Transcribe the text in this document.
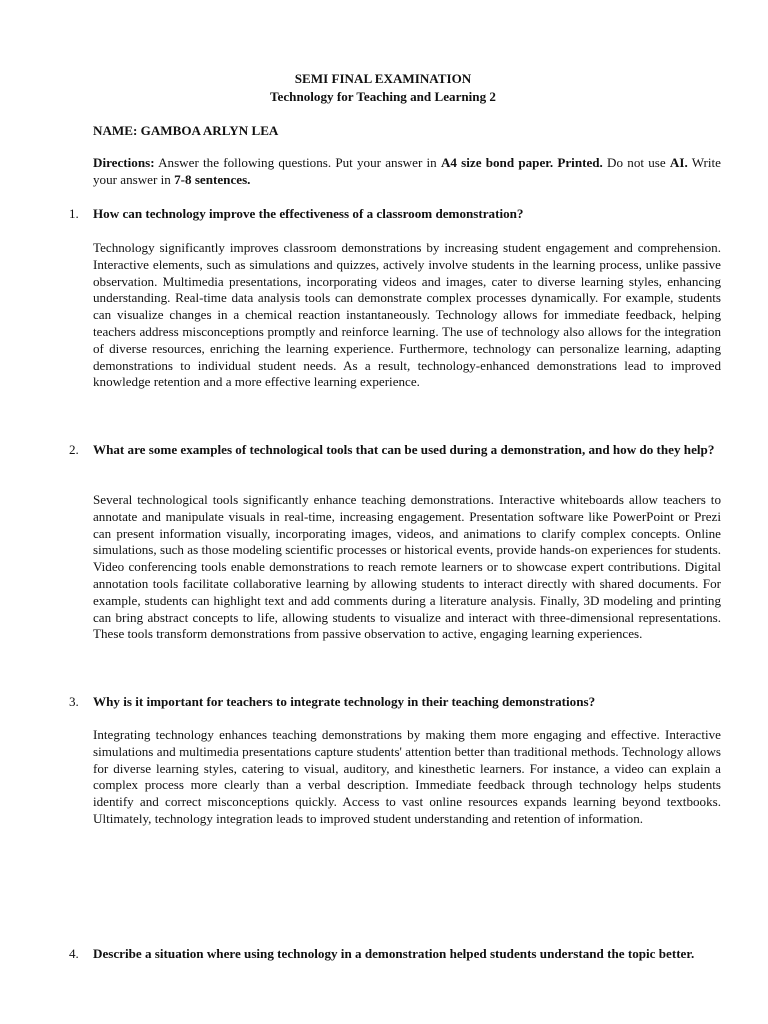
SEMI FINAL EXAMINATION
Technology for Teaching and Learning 2
NAME: GAMBOA ARLYN LEA
Directions: Answer the following questions. Put your answer in A4 size bond paper. Printed. Do not use AI. Write your answer in 7-8 sentences.
1.	How can technology improve the effectiveness of a classroom demonstration?
Technology significantly improves classroom demonstrations by increasing student engagement and comprehension. Interactive elements, such as simulations and quizzes, actively involve students in the learning process, unlike passive observation. Multimedia presentations, incorporating videos and images, cater to diverse learning styles, enhancing understanding. Real-time data analysis tools can demonstrate complex processes dynamically. For example, students can visualize changes in a chemical reaction instantaneously. Technology allows for immediate feedback, helping teachers address misconceptions promptly and reinforce learning. The use of technology also allows for the integration of diverse resources, enriching the learning experience. Furthermore, technology can personalize learning, adapting demonstrations to individual student needs. As a result, technology-enhanced demonstrations lead to improved knowledge retention and a more effective learning experience.
2.	What are some examples of technological tools that can be used during a demonstration, and how do they help?
Several technological tools significantly enhance teaching demonstrations. Interactive whiteboards allow teachers to annotate and manipulate visuals in real-time, increasing engagement. Presentation software like PowerPoint or Prezi can present information visually, incorporating images, videos, and animations to clarify complex concepts. Online simulations, such as those modeling scientific processes or historical events, provide hands-on experiences for students. Video conferencing tools enable demonstrations to reach remote learners or to showcase expert contributions. Digital annotation tools facilitate collaborative learning by allowing students to interact directly with shared documents. For example, students can highlight text and add comments during a literature analysis. Finally, 3D modeling and printing can bring abstract concepts to life, allowing students to visualize and interact with three-dimensional representations. These tools transform demonstrations from passive observation to active, engaging learning experiences.
3.	Why is it important for teachers to integrate technology in their teaching demonstrations?
Integrating technology enhances teaching demonstrations by making them more engaging and effective. Interactive simulations and multimedia presentations capture students' attention better than traditional methods. Technology allows for diverse learning styles, catering to visual, auditory, and kinesthetic learners. For instance, a video can explain a complex process more clearly than a verbal description. Immediate feedback through technology helps students identify and correct misconceptions quickly. Access to vast online resources expands learning beyond textbooks. Ultimately, technology integration leads to improved student understanding and retention of information.
4.	Describe a situation where using technology in a demonstration helped students understand the topic better.
